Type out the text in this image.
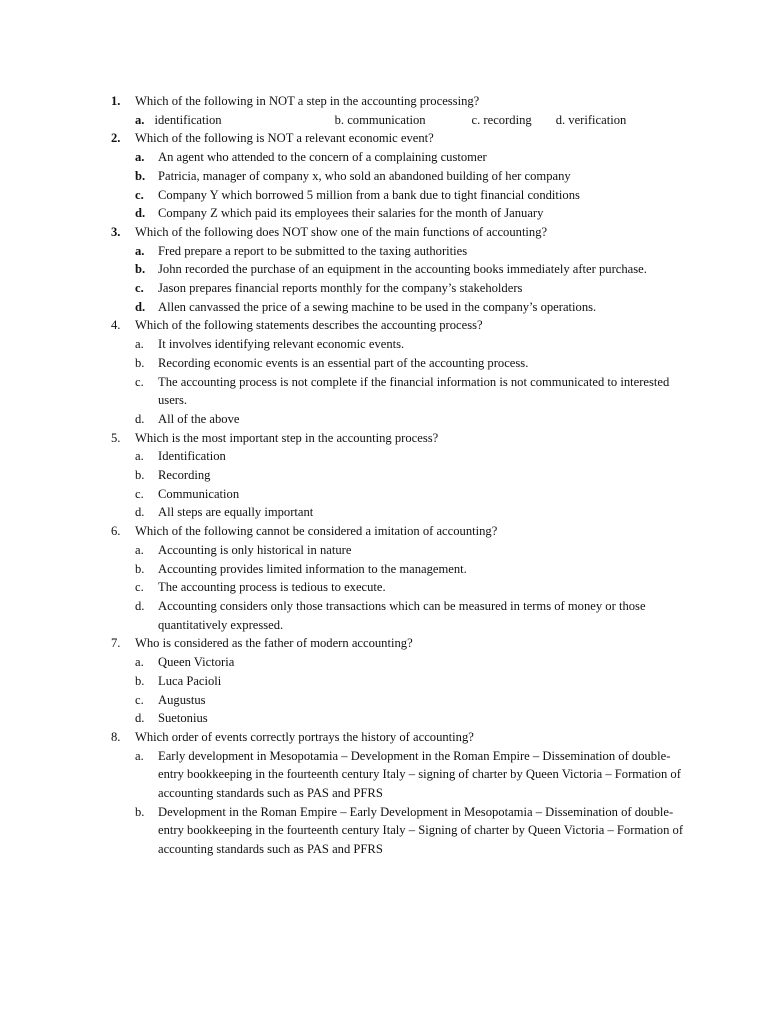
1.	Which of the following in NOT a step in the accounting processing?
a. identification	b. communication	c. recording d. verification
2.	Which of the following is NOT a relevant economic event?
a. An agent who attended to the concern of a complaining customer
b. Patricia, manager of company x, who sold an abandoned building of her company
c. Company Y which borrowed 5 million from a bank due to tight financial conditions
d. Company Z which paid its employees their salaries for the month of January
3.	Which of the following does NOT show one of the main functions of accounting?
a. Fred prepare a report to be submitted to the taxing authorities
b. John recorded the purchase of an equipment in the accounting books immediately after purchase.
c. Jason prepares financial reports monthly for the company’s stakeholders
d. Allen canvassed the price of a sewing machine to be used in the company’s operations.
4.	Which of the following statements describes the accounting process?
a. It involves identifying relevant economic events.
b. Recording economic events is an essential part of the accounting process.
c. The accounting process is not complete if the financial information is not communicated to interested users.
d. All of the above
5.	Which is the most important step in the accounting process?
a. Identification
b. Recording
c. Communication
d. All steps are equally important
6.	Which of the following cannot be considered a imitation of accounting?
a. Accounting is only historical in nature
b. Accounting provides limited information to the management.
c. The accounting process is tedious to execute.
d. Accounting considers only those transactions which can be measured in terms of money or those quantitatively expressed.
7.	Who is considered as the father of modern accounting?
a. Queen Victoria
b. Luca Pacioli
c. Augustus
d. Suetonius
8.	Which order of events correctly portrays the history of accounting?
a. Early development in Mesopotamia – Development in the Roman Empire – Dissemination of double- entry bookkeeping in the fourteenth century Italy – signing of charter by Queen Victoria – Formation of accounting standards such as PAS and PFRS
b. Development in the Roman Empire – Early Development in Mesopotamia – Dissemination of double-entry bookkeeping in the fourteenth century Italy – Signing of charter by Queen Victoria – Formation of accounting standards such as PAS and PFRS
